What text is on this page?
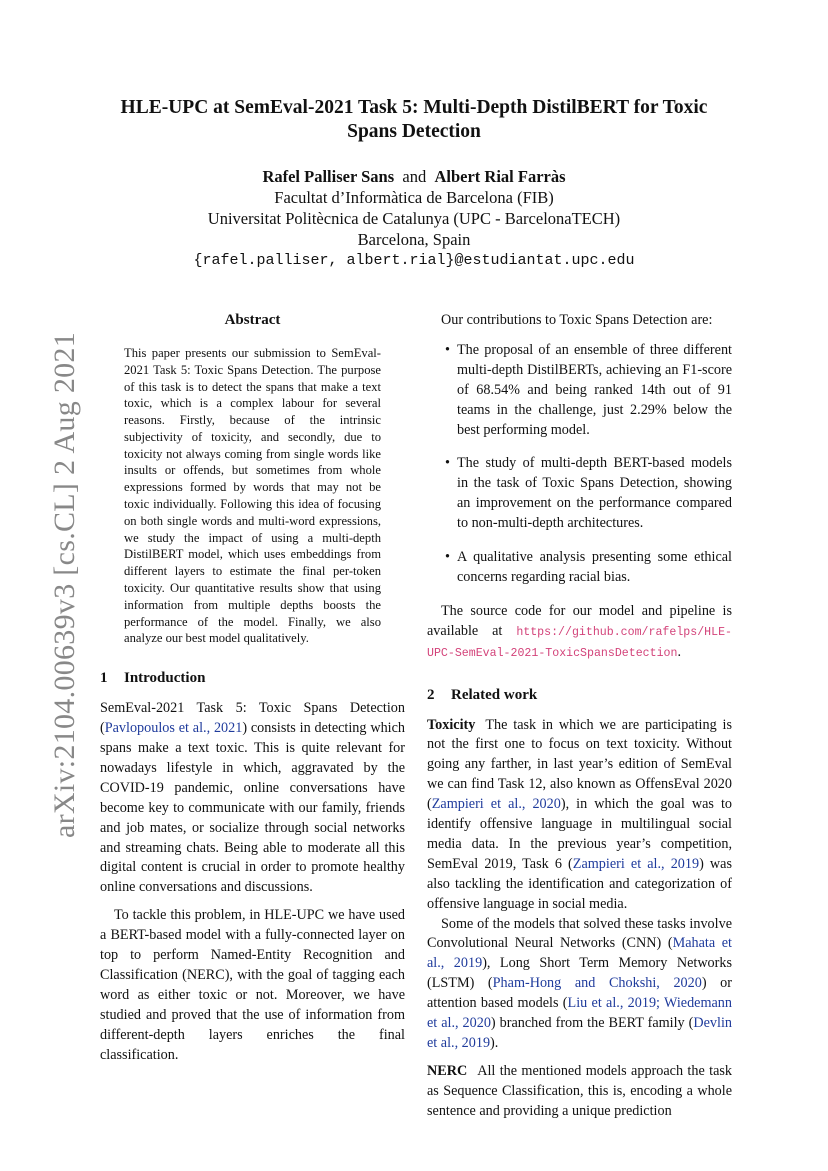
arXiv:2104.00639v3 [cs.CL] 2 Aug 2021
HLE-UPC at SemEval-2021 Task 5: Multi-Depth DistilBERT for Toxic
Spans Detection
Rafel Palliser Sans and Albert Rial Farràs
Facultat d’Informàtica de Barcelona (FIB)
Universitat Politècnica de Catalunya (UPC - BarcelonaTECH)
Barcelona, Spain
{rafel.palliser, albert.rial}@estudiantat.upc.edu
Abstract

This paper presents our submission to SemEval-2021 Task 5: Toxic Spans Detection. The purpose of this task is to detect the spans that make a text toxic, which is a complex labour for several reasons. Firstly, because of the intrinsic subjectivity of toxicity, and secondly, due to toxicity not always coming from single words like insults or offends, but sometimes from whole expressions formed by words that may not be toxic individually. Following this idea of focusing on both single words and multi-word expressions, we study the impact of using a multi-depth DistilBERT model, which uses embeddings from different layers to estimate the final per-token toxicity. Our quantitative results show that using information from multiple depths boosts the performance of the model. Finally, we also analyze our best model qualitatively.

1 Introduction

SemEval-2021 Task 5: Toxic Spans Detection (Pavlopoulos et al., 2021) consists in detecting which spans make a text toxic. This is quite relevant for nowadays lifestyle in which, aggravated by the COVID-19 pandemic, online conversations have become key to communicate with our family, friends and job mates, or socialize through social networks and streaming chats. Being able to moderate all this digital content is crucial in order to promote healthy online conversations and discussions.

To tackle this problem, in HLE-UPC we have used a BERT-based model with a fully-connected layer on top to perform Named-Entity Recognition and Classification (NERC), with the goal of tagging each word as either toxic or not. Moreover, we have studied and proved that the use of information from different-depth layers enriches the final classification.

Our contributions to Toxic Spans Detection are:

• The proposal of an ensemble of three different multi-depth DistilBERTs, achieving an F1-score of 68.54% and being ranked 14th out of 91 teams in the challenge, just 2.29% below the best performing model.
• The study of multi-depth BERT-based models in the task of Toxic Spans Detection, showing an improvement on the performance compared to non-multi-depth architectures.
• A qualitative analysis presenting some ethical concerns regarding racial bias.

The source code for our model and pipeline is available at https://github.com/rafelps/HLE-UPC-SemEval-2021-ToxicSpansDetection.

2 Related work

Toxicity The task in which we are participating is not the first one to focus on text toxicity. Without going any farther, in last year’s edition of SemEval we can find Task 12, also known as OffensEval 2020 (Zampieri et al., 2020), in which the goal was to identify offensive language in multilingual social media data. In the previous year’s competition, SemEval 2019, Task 6 (Zampieri et al., 2019) was also tackling the identification and categorization of offensive language in social media.

Some of the models that solved these tasks involve Convolutional Neural Networks (CNN) (Mahata et al., 2019), Long Short Term Memory Networks (LSTM) (Pham-Hong and Chokshi, 2020) or attention based models (Liu et al., 2019; Wiedemann et al., 2020) branched from the BERT family (Devlin et al., 2019).

NERC All the mentioned models approach the task as Sequence Classification, this is, encoding a whole sentence and providing a unique prediction
